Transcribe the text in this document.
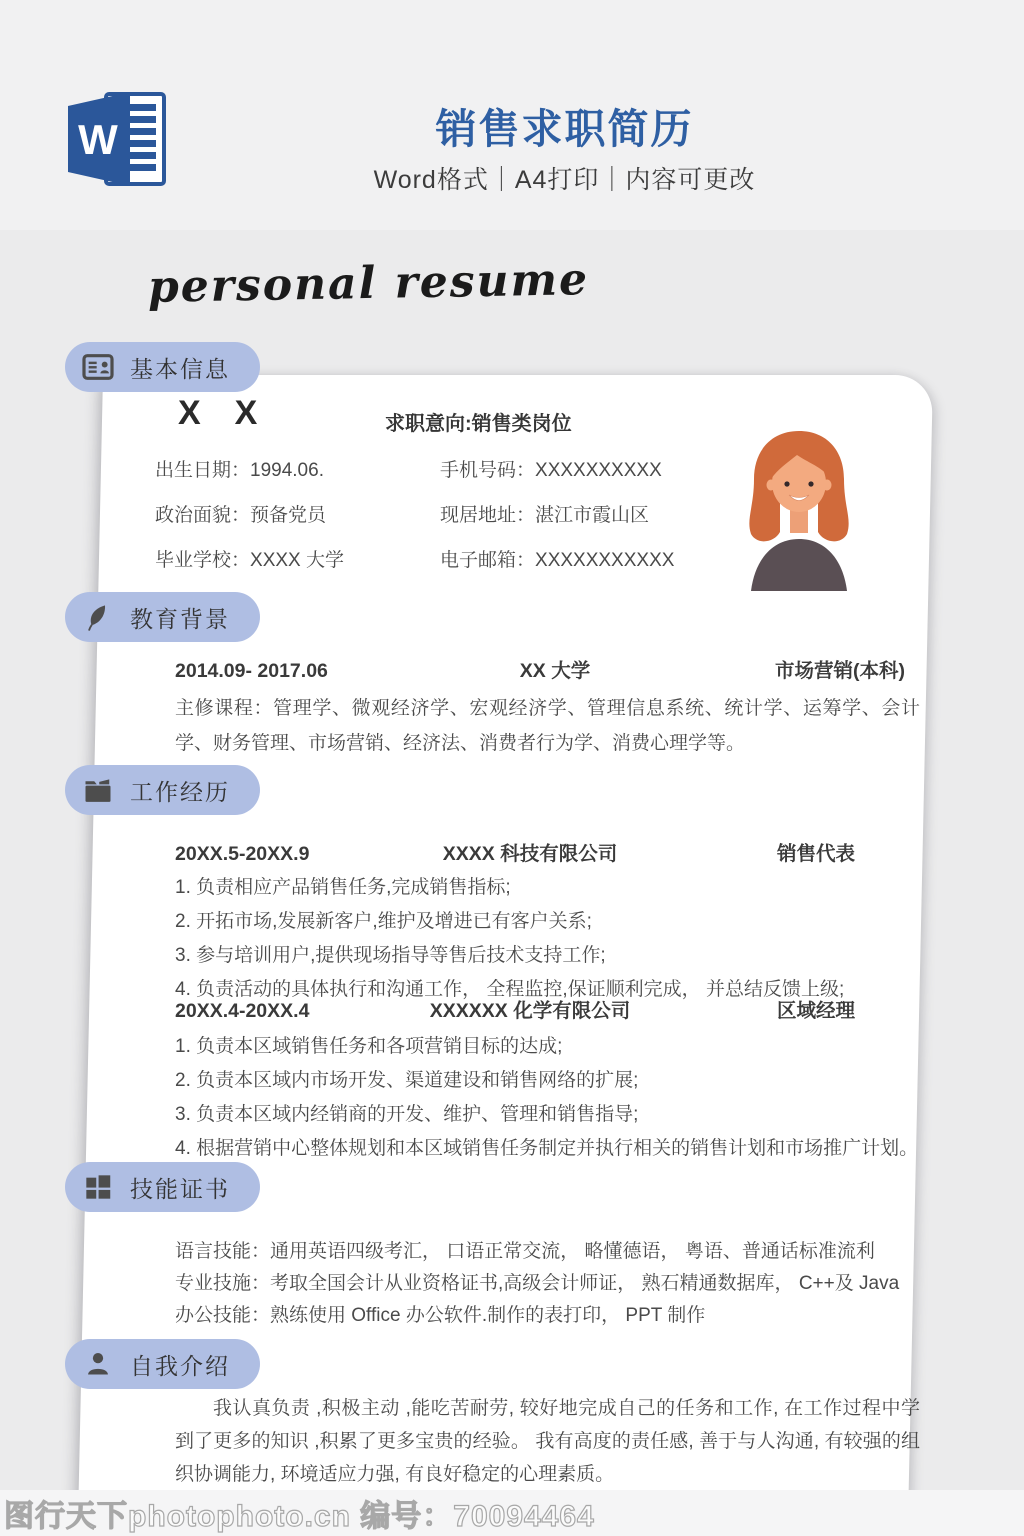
W	销售求职简历
Word格式｜A4打印｜内容可更改
personal resume
基本信息
教育背景
工作经历
技能证书
自我介绍
X　X	求职意向:销售类岗位
出生日期：1994.06.	手机号码：XXXXXXXXXX
政治面貌：预备党员	现居地址：湛江市霞山区
毕业学校：XXXX 大学	电子邮箱：XXXXXXXXXXX
2014.09- 2017.06	XX 大学	市场营销(本科)
主修课程：管理学、微观经济学、宏观经济学、管理信息系统、统计学、运筹学、会计学、财务管理、市场营销、经济法、消费者行为学、消费心理学等。
20XX.5-20XX.9	XXXX 科技有限公司	销售代表
1. 负责相应产品销售任务,完成销售指标;
2. 开拓市场,发展新客户,维护及增进已有客户关系;
3. 参与培训用户,提供现场指导等售后技术支持工作;
4. 负责活动的具体执行和沟通工作， 全程监控,保证顺利完成， 并总结反馈上级;
20XX.4-20XX.4	XXXXXX 化学有限公司	区域经理
1. 负责本区域销售任务和各项营销目标的达成;
2. 负责本区域内市场开发、渠道建设和销售网络的扩展;
3. 负责本区域内经销商的开发、维护、管理和销售指导;
4. 根据营销中心整体规划和本区域销售任务制定并执行相关的销售计划和市场推广计划。
语言技能：通用英语四级考汇， 口语正常交流， 略懂德语， 粤语、普通话标准流利
专业技施：考取全国会计从业资格证书,高级会计师证， 熟石精通数据库， C++及 Java
办公技能：熟练使用 Office 办公软件.制作的表打印， PPT 制作
我认真负责 ,积极主动 ,能吃苦耐劳, 较好地完成自己的任务和工作, 在工作过程中学到了更多的知识 ,积累了更多宝贵的经验。 我有高度的责任感, 善于与人沟通, 有较强的组织协调能力, 环境适应力强, 有良好稳定的心理素质。
图行天下photophoto.cn 编号：70094464
